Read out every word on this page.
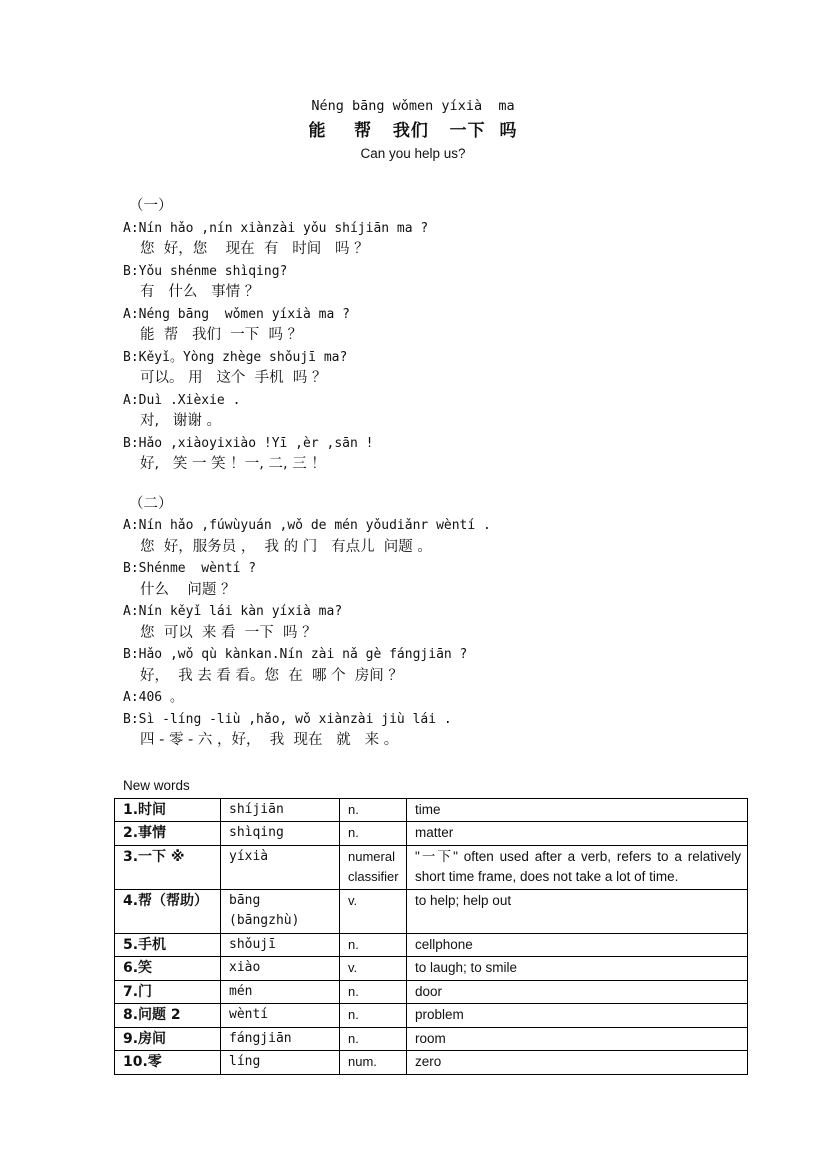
Néng bāng wǒmen yíxià  ma
能    帮   我们   一下  吗
Can you help us?
（一）
A:Nín hǎo ,nín xiànzài yǒu shíjiān ma ?
您  好，您    现在  有   时间   吗 ？
B:Yǒu shénme shìqing?
有   什么   事情 ？
A:Néng bāng  wǒmen yíxià ma ?
能  帮   我们  一下  吗 ？
B:Kěyǐ。Yòng zhège shǒujī ma?
可以。 用   这个  手机  吗 ？
A:Duì .Xièxie .
对,   谢谢 。
B:Hǎo ,xiàoyixiào !Yī ,èr ,sān !
好,   笑 一 笑 ！一, 二, 三 ！
（二）
A:Nín hǎo ,fúwùyuán ,wǒ de mén yǒudiǎnr wèntí .
您  好，服务员 ，  我 的 门   有点儿  问题 。
B:Shénme  wèntí ?
什么    问题 ？
A:Nín kěyǐ lái kàn yíxià ma?
您  可以  来 看  一下  吗 ？
B:Hǎo ,wǒ qù kànkan.Nín zài nǎ gè fángjiān ?
好，  我 去 看 看。您  在  哪 个  房间 ？
A:406 。
B:Sì -líng -liù ,hǎo, wǒ xiànzài jiù lái .
四 - 零 - 六 ，好，  我  现在   就   来 。
New words
1.时间	shíjiān	n.	time
2.事情	shìqing	n.	matter
3.一下 ※	yíxià	numeral classifier	"一下" often used after a verb, refers to a relatively short time frame, does not take a lot of time.
4.帮（帮助）	bāng (bāngzhù)	v.	to help; help out
5.手机	shǒujī	n.	cellphone
6.笑	xiào	v.	to laugh; to smile
7.门	mén	n.	door
8.问题 2	wèntí	n.	problem
9.房间	fángjiān	n.	room
10.零	líng	num.	zero
